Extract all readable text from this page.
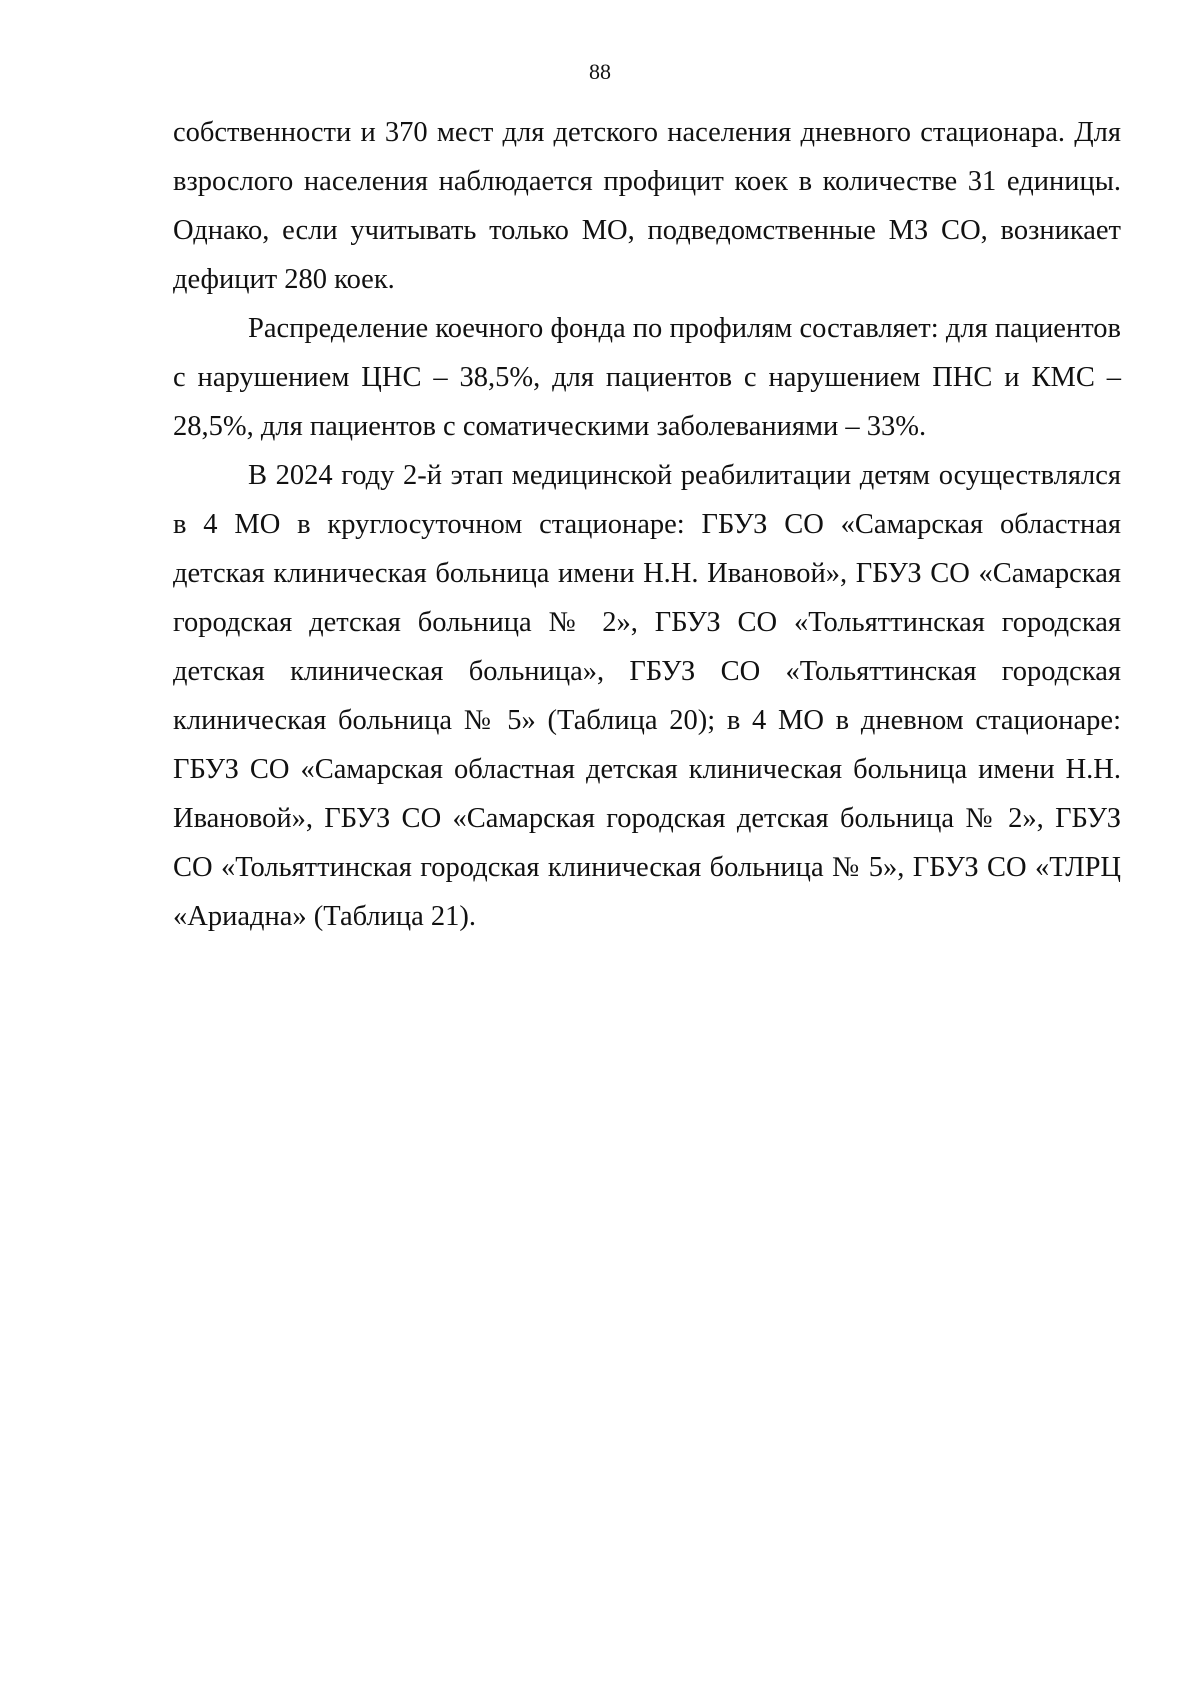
88

собственности и 370 мест для детского населения дневного стационара. Для взрослого населения наблюдается профицит коек в количестве 31 единицы. Однако, если учитывать только МО, подведомственные МЗ СО, возникает дефицит 280 коек.

Распределение коечного фонда по профилям составляет: для пациентов с нарушением ЦНС – 38,5%, для пациентов с нарушением ПНС и КМС – 28,5%, для пациентов с соматическими заболеваниями – 33%.

В 2024 году 2-й этап медицинской реабилитации детям осуществлялся в 4 МО в круглосуточном стационаре: ГБУЗ СО «Самарская областная детская клиническая больница имени Н.Н. Ивановой», ГБУЗ СО «Самарская городская детская больница № 2», ГБУЗ СО «Тольяттинская городская детская клиническая больница», ГБУЗ СО «Тольяттинская городская клиническая больница № 5» (Таблица 20); в 4 МО в дневном стационаре: ГБУЗ СО «Самарская областная детская клиническая больница имени Н.Н. Ивановой», ГБУЗ СО «Самарская городская детская больница № 2», ГБУЗ СО «Тольяттинская городская клиническая больница № 5», ГБУЗ СО «ТЛРЦ «Ариадна» (Таблица 21).
